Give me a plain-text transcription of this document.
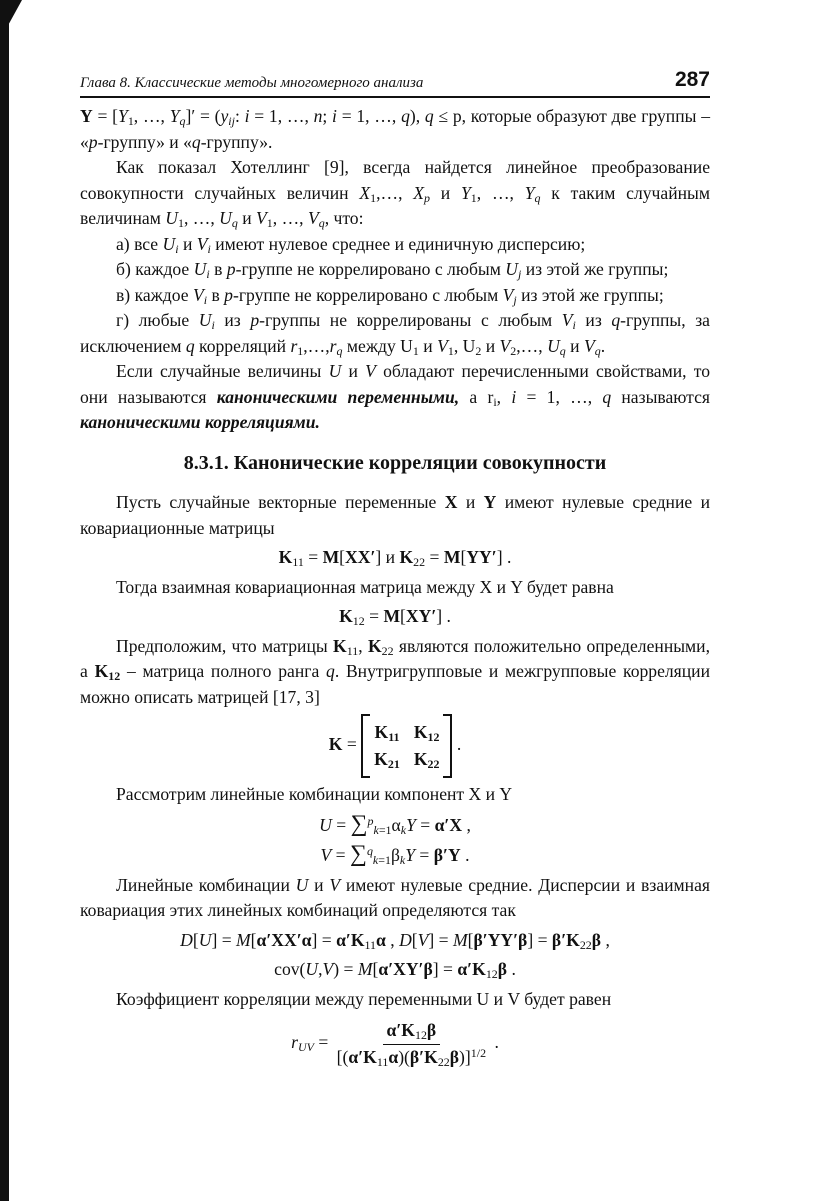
Глава 8. Классические методы многомерного анализа	287

$Y = [Y_1$, …, $Y_q]' = (y_{ij}$: i = 1, …, n; i = 1, …, q), q ≤ p, которые образуют две группы – «р-группу» и «q-группу».

Как показал Хотеллинг [9], всегда найдется линейное преобразование совокупности случайных величин $X_1,\dots$, $X_p$ и $Y_1$, …, $Y_q$ к таким случайным величинам $U_1$, …, $U_q$ и $V_1$, …, $V_q$, что:

а) все $U_i$ и $V_i$ имеют нулевое среднее и единичную дисперсию;

б) каждое $U_i$ в р-группе не коррелировано с любым $U_j$ из этой же группы;

в) каждое $V_i$ в р-группе не коррелировано с любым $V_j$ из этой же группы;

г) любые $U_i$ из р-группы не коррелированы с любым $V_i$ из q-группы, за исключением q корреляций $r_1,\dots,r_q$ между $U_1$ и $V_1$, $U_2$ и $V_2,\dots$, $U_q$ и $V_q$.

Если случайные величины U и V обладают перечисленными свойствами, то они называются каноническими переменными, а $r_i$, i = 1, …, q называются каноническими корреляциями.

8.3.1. Канонические корреляции совокупности

Пусть случайные векторные переменные X и Y имеют нулевые средние и ковариационные матрицы

$K_{11} = M[XX']$ и $K_{22} = M[YY']$ .

Тогда взаимная ковариационная матрица между X и Y будет равна

$K_{12} = M[XY']$ .

Предположим, что матрицы $K_{11}$, $K_{22}$ являются положительно определенными, а $K_{12}$ – матрица полного ранга q. Внутригрупповые и межгрупповые корреляции можно описать матрицей [17, 3]

K =
$K_{11}$ $K_{12}$
$K_{21}$ $K_{22}$
.

Рассмотрим линейные комбинации компонент X и Y

$U = \sum^p_{k=1}\alpha_kY = \alpha'X$ ,
$V = \sum^q_{k=1}\beta_kY = \beta'Y$ .

Линейные комбинации U и V имеют нулевые средние. Дисперсии и взаимная ковариация этих линейных комбинаций определяются так

$D[U] = M[\alpha'XX'\alpha] = \alpha'K_{11}\alpha$ , $D[V] = M[\beta'YY'\beta] = \beta'K_{22}\beta$ ,
$cov(U,V) = M[\alpha'XY'\beta] = \alpha'K_{12}\beta$ .

Коэффициент корреляции между переменными U и V будет равен

$r_{UV} = \frac{\alpha'K_{12}\beta}{[(\alpha'K_{11}\alpha)(\beta'K_{22}\beta)]^{1/2}}$ .
